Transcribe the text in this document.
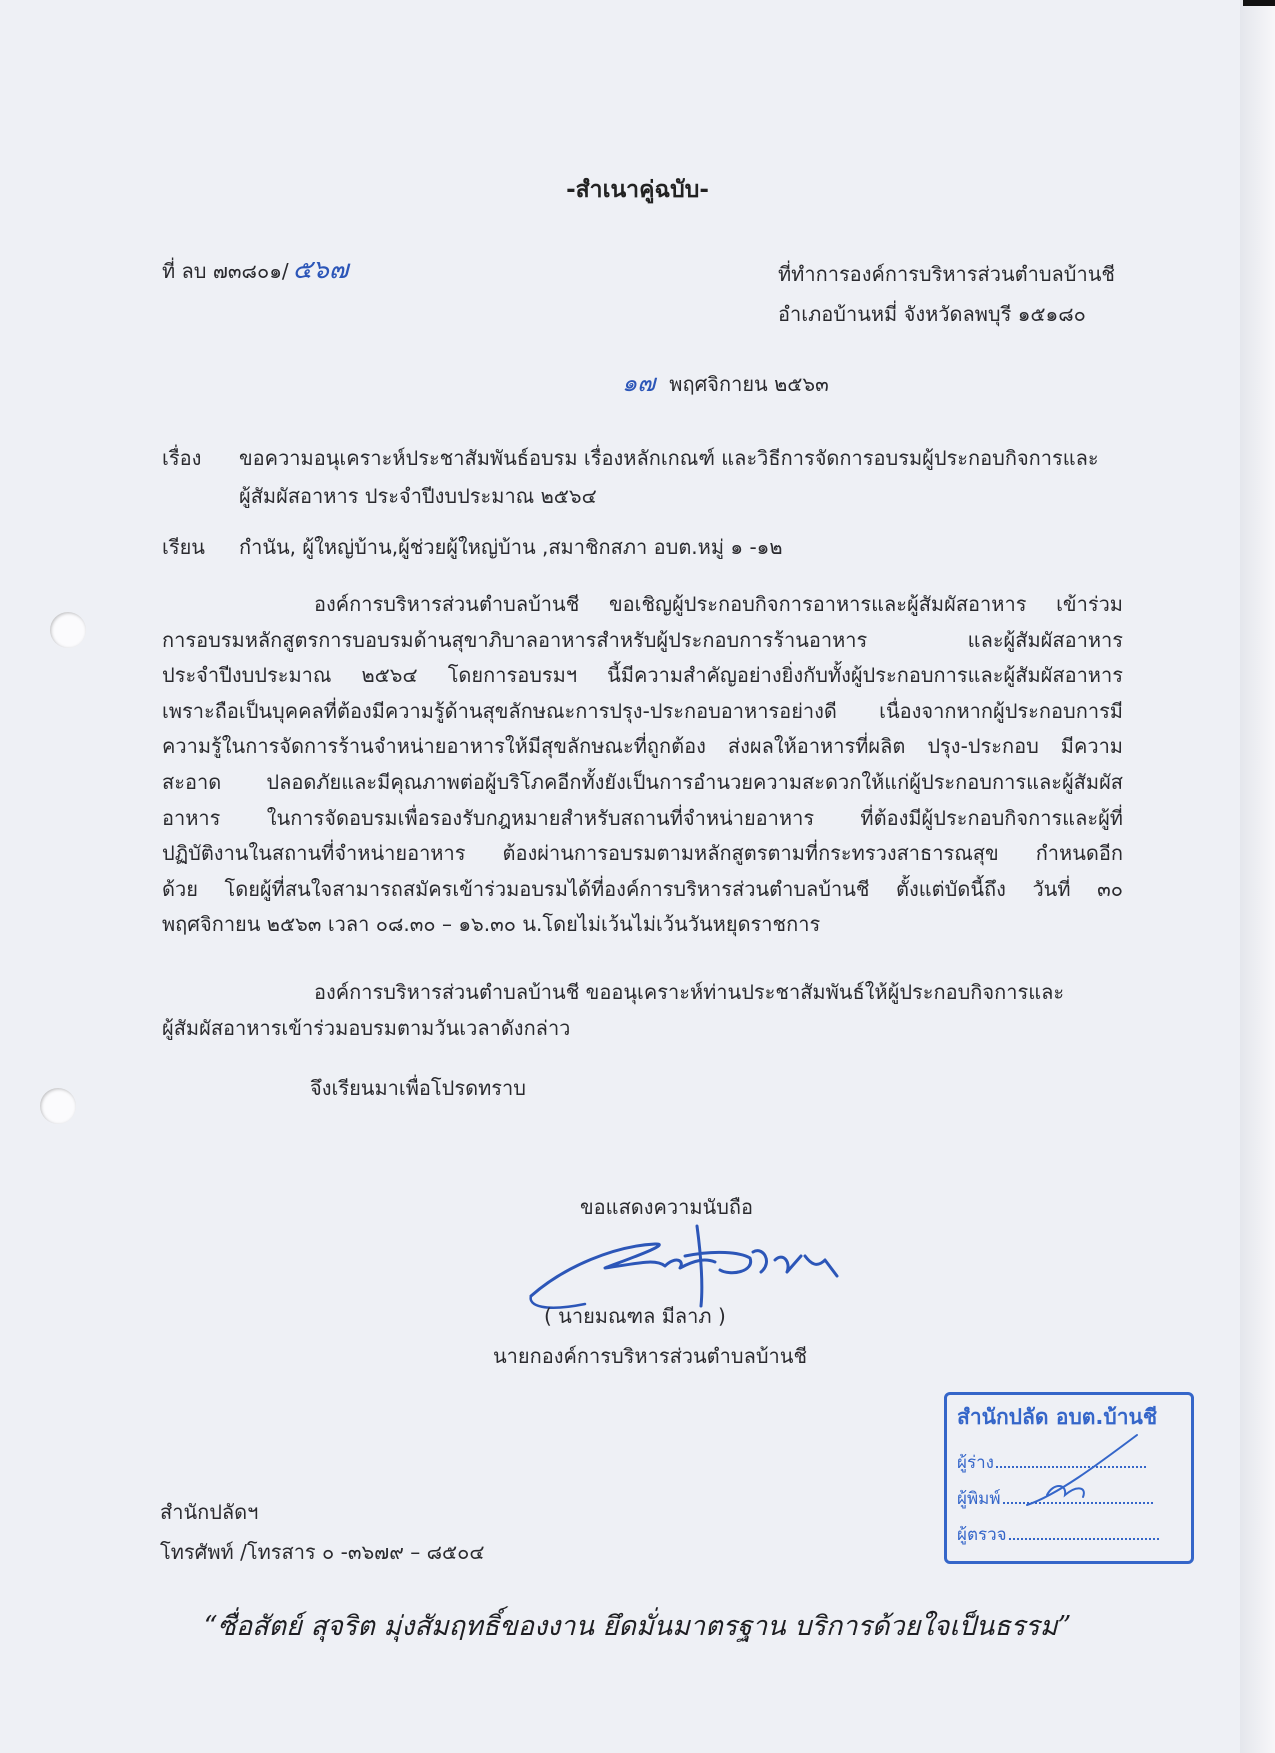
-สำเนาคู่ฉบับ-
ที่ ลบ ๗๓๘๐๑/ ๕๖๗	ที่ทำการองค์การบริหารส่วนตำบลบ้านชี
อำเภอบ้านหมี่ จังหวัดลพบุรี ๑๕๑๘๐
๑๗ พฤศจิกายน ๒๕๖๓
เรื่อง ขอความอนุเคราะห์ประชาสัมพันธ์อบรม เรื่องหลักเกณฑ์ และวิธีการจัดการอบรมผู้ประกอบกิจการและ
ผู้สัมผัสอาหาร ประจำปีงบประมาณ ๒๕๖๔
เรียน กำนัน, ผู้ใหญ่บ้าน,ผู้ช่วยผู้ใหญ่บ้าน ,สมาชิกสภา อบต.หมู่ ๑ -๑๒
องค์การบริหารส่วนตำบลบ้านชี ขอเชิญผู้ประกอบกิจการอาหารและผู้สัมผัสอาหาร เข้าร่วม
การอบรมหลักสูตรการบอบรมด้านสุขาภิบาลอาหารสำหรับผู้ประกอบการร้านอาหาร	และผู้สัมผัสอาหาร
ประจำปีงบประมาณ ๒๕๖๔ โดยการอบรมฯ นี้มีความสำคัญอย่างยิ่งกับทั้งผู้ประกอบการและผู้สัมผัสอาหาร
เพราะถือเป็นบุคคลที่ต้องมีความรู้ด้านสุขลักษณะการปรุง-ประกอบอาหารอย่างดี เนื่องจากหากผู้ประกอบการมี
ความรู้ในการจัดการร้านจำหน่ายอาหารให้มีสุขลักษณะที่ถูกต้อง ส่งผลให้อาหารที่ผลิต ปรุง-ประกอบ มีความ
สะอาด ปลอดภัยและมีคุณภาพต่อผู้บริโภคอีกทั้งยังเป็นการอำนวยความสะดวกให้แก่ผู้ประกอบการและผู้สัมผัส
อาหาร ในการจัดอบรมเพื่อรองรับกฎหมายสำหรับสถานที่จำหน่ายอาหาร ที่ต้องมีผู้ประกอบกิจการและผู้ที่
ปฏิบัติงานในสถานที่จำหน่ายอาหาร ต้องผ่านการอบรมตามหลักสูตรตามที่กระทรวงสาธารณสุข กำหนดอีก
ด้วย โดยผู้ที่สนใจสามารถสมัครเข้าร่วมอบรมได้ที่องค์การบริหารส่วนตำบลบ้านชี ตั้งแต่บัดนี้ถึง วันที่ ๓๐
พฤศจิกายน ๒๕๖๓ เวลา ๐๘.๓๐ – ๑๖.๓๐ น.โดยไม่เว้นไม่เว้นวันหยุดราชการ
องค์การบริหารส่วนตำบลบ้านชี ขออนุเคราะห์ท่านประชาสัมพันธ์ให้ผู้ประกอบกิจการและ
ผู้สัมผัสอาหารเข้าร่วมอบรมตามวันเวลาดังกล่าว
จึงเรียนมาเพื่อโปรดทราบ
ขอแสดงความนับถือ
( นายมณฑล มีลาภ )
นายกองค์การบริหารส่วนตำบลบ้านชี
สำนักปลัดฯ
โทรศัพท์ /โทรสาร ๐ -๓๖๗๙ – ๘๕๐๔
สำนักปลัด อบต.บ้านชี
ผู้ร่าง
ผู้พิมพ์
ผู้ตรวจ
“ซื่อสัตย์ สุจริต มุ่งสัมฤทธิ์ของงาน ยึดมั่นมาตรฐาน บริการด้วยใจเป็นธรรม”
